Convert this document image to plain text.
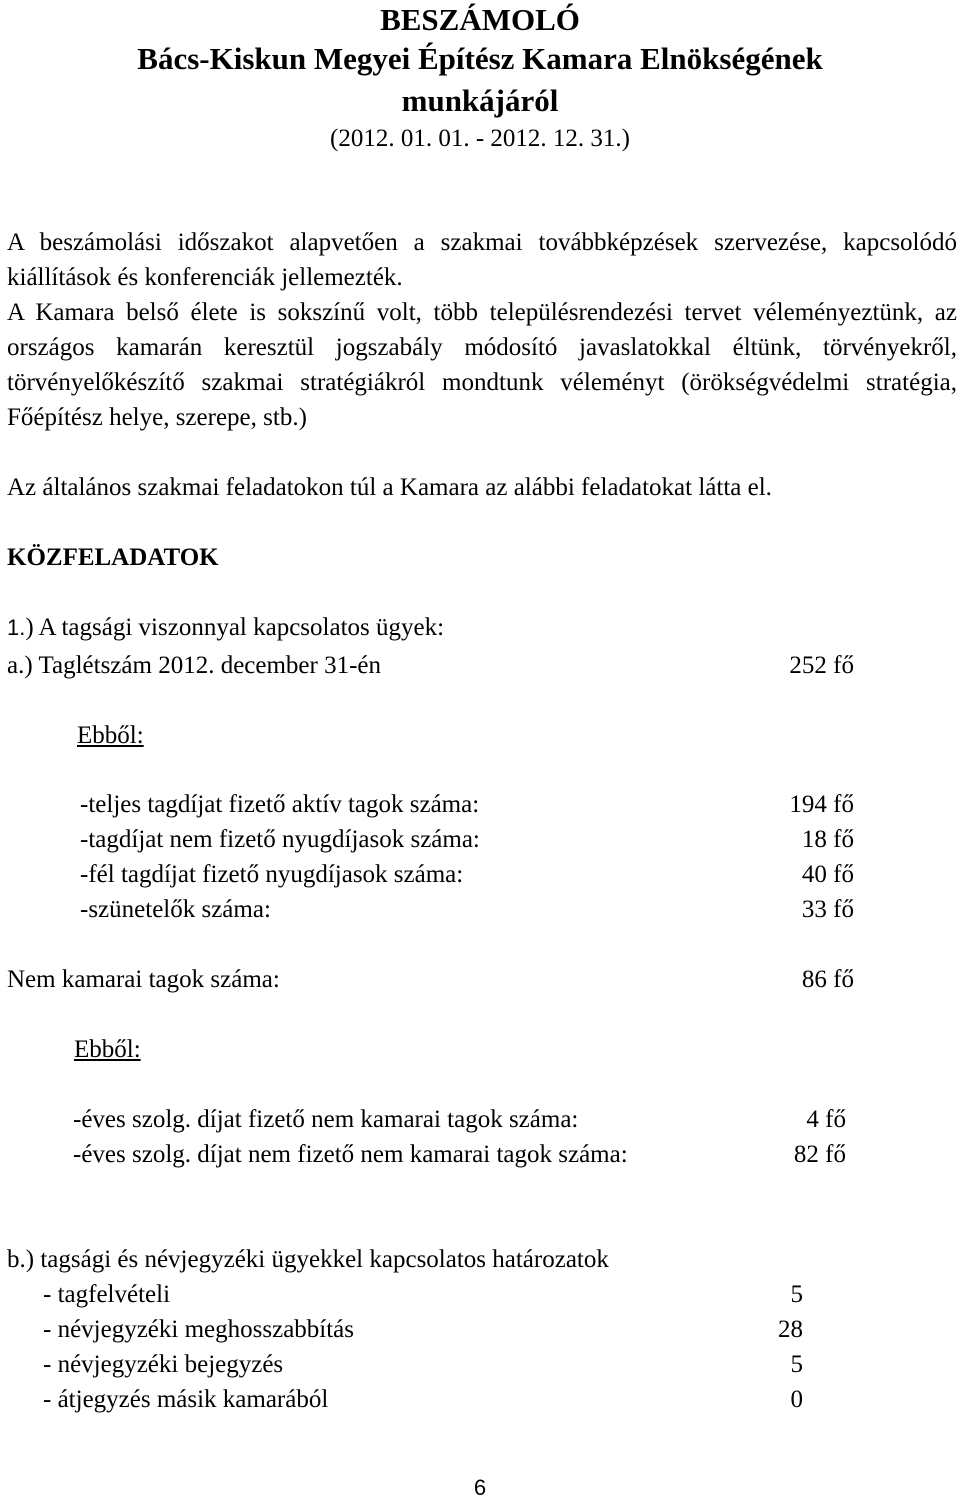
BESZÁMOLÓ
Bács-Kiskun Megyei Építész Kamara Elnökségének
munkájáról
(2012. 01. 01. - 2012. 12. 31.)
A beszámolási időszakot alapvetően a szakmai továbbképzések szervezése, kapcsolódó kiállítások és konferenciák jellemezték.
A Kamara belső élete is sokszínű volt, több településrendezési tervet véleményeztünk, az országos kamarán keresztül jogszabály módosító javaslatokkal éltünk, törvényekről, törvényelőkészítő szakmai stratégiákról mondtunk véleményt (örökségvédelmi stratégia, Főépítész helye, szerepe, stb.)
Az általános szakmai feladatokon túl a Kamara az alábbi feladatokat látta el.
KÖZFELADATOK
1.) A tagsági viszonnyal kapcsolatos ügyek:
a.) Taglétszám 2012. december 31-én	252 fő
Ebből:
-teljes tagdíjat fizető aktív tagok száma:	194 fő
-tagdíjat nem fizető nyugdíjasok száma:	18 fő
-fél tagdíjat fizető nyugdíjasok száma:	40 fő
-szünetelők száma:	33 fő
Nem kamarai tagok száma:	86 fő
Ebből:
-éves szolg. díjat fizető nem kamarai tagok száma:	4 fő
-éves szolg. díjat nem fizető nem kamarai tagok száma:	82 fő
b.) tagsági és névjegyzéki ügyekkel kapcsolatos határozatok
- tagfelvételi	5
- névjegyzéki meghosszabbítás	28
- névjegyzéki bejegyzés	5
- átjegyzés másik kamarából	0
6
